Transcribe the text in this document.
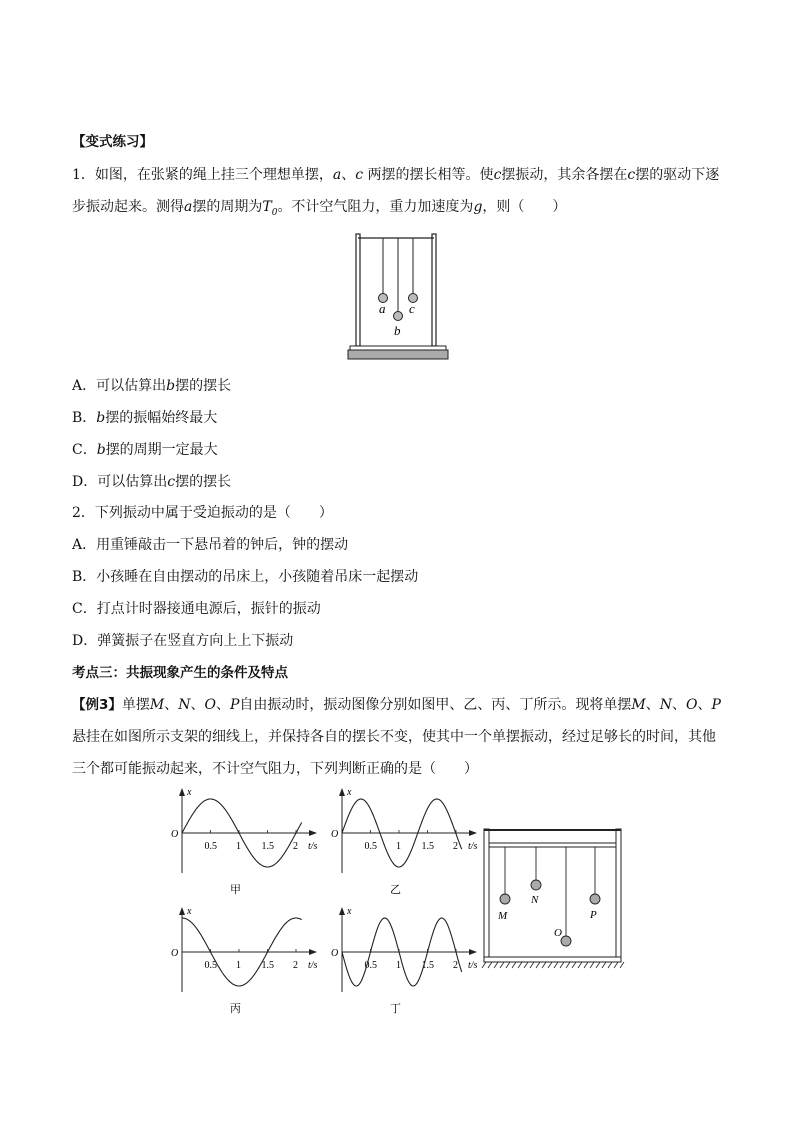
【变式练习】
1．如图，在张紧的绳上挂三个理想单摆，a、c 两摆的摆长相等。使c摆振动，其余各摆在c摆的驱动下逐
步振动起来。测得a摆的周期为$T_0$。不计空气阻力，重力加速度为g，则（　　）
a c
b
A．可以估算出b摆的摆长
B．b摆的振幅始终最大
C．b摆的周期一定最大
D．可以估算出c摆的摆长
2．下列振动中属于受迫振动的是（　　）
A．用重锤敲击一下悬吊着的钟后，钟的摆动
B．小孩睡在自由摆动的吊床上，小孩随着吊床一起摆动
C．打点计时器接通电源后，振针的振动
D．弹簧振子在竖直方向上上下振动
考点三：共振现象产生的条件及特点
【例3】单摆M、N、O、P自由振动时，振动图像分别如图甲、乙、丙、丁所示。现将单摆M、N、O、P
悬挂在如图所示支架的细线上，并保持各自的摆长不变，使其中一个单摆振动，经过足够长的时间，其他
三个都可能振动起来，不计空气阻力，下列判断正确的是（　　）
x
t/s
O
0.5 1 1.5 2
甲
x
t/s
O
0.5 1 1.5 2
乙
x
t/s
O
0.5 1 1.5 2
丙
x
t/s
O
0.5 1 1.5 2
丁
M
N
O
P
